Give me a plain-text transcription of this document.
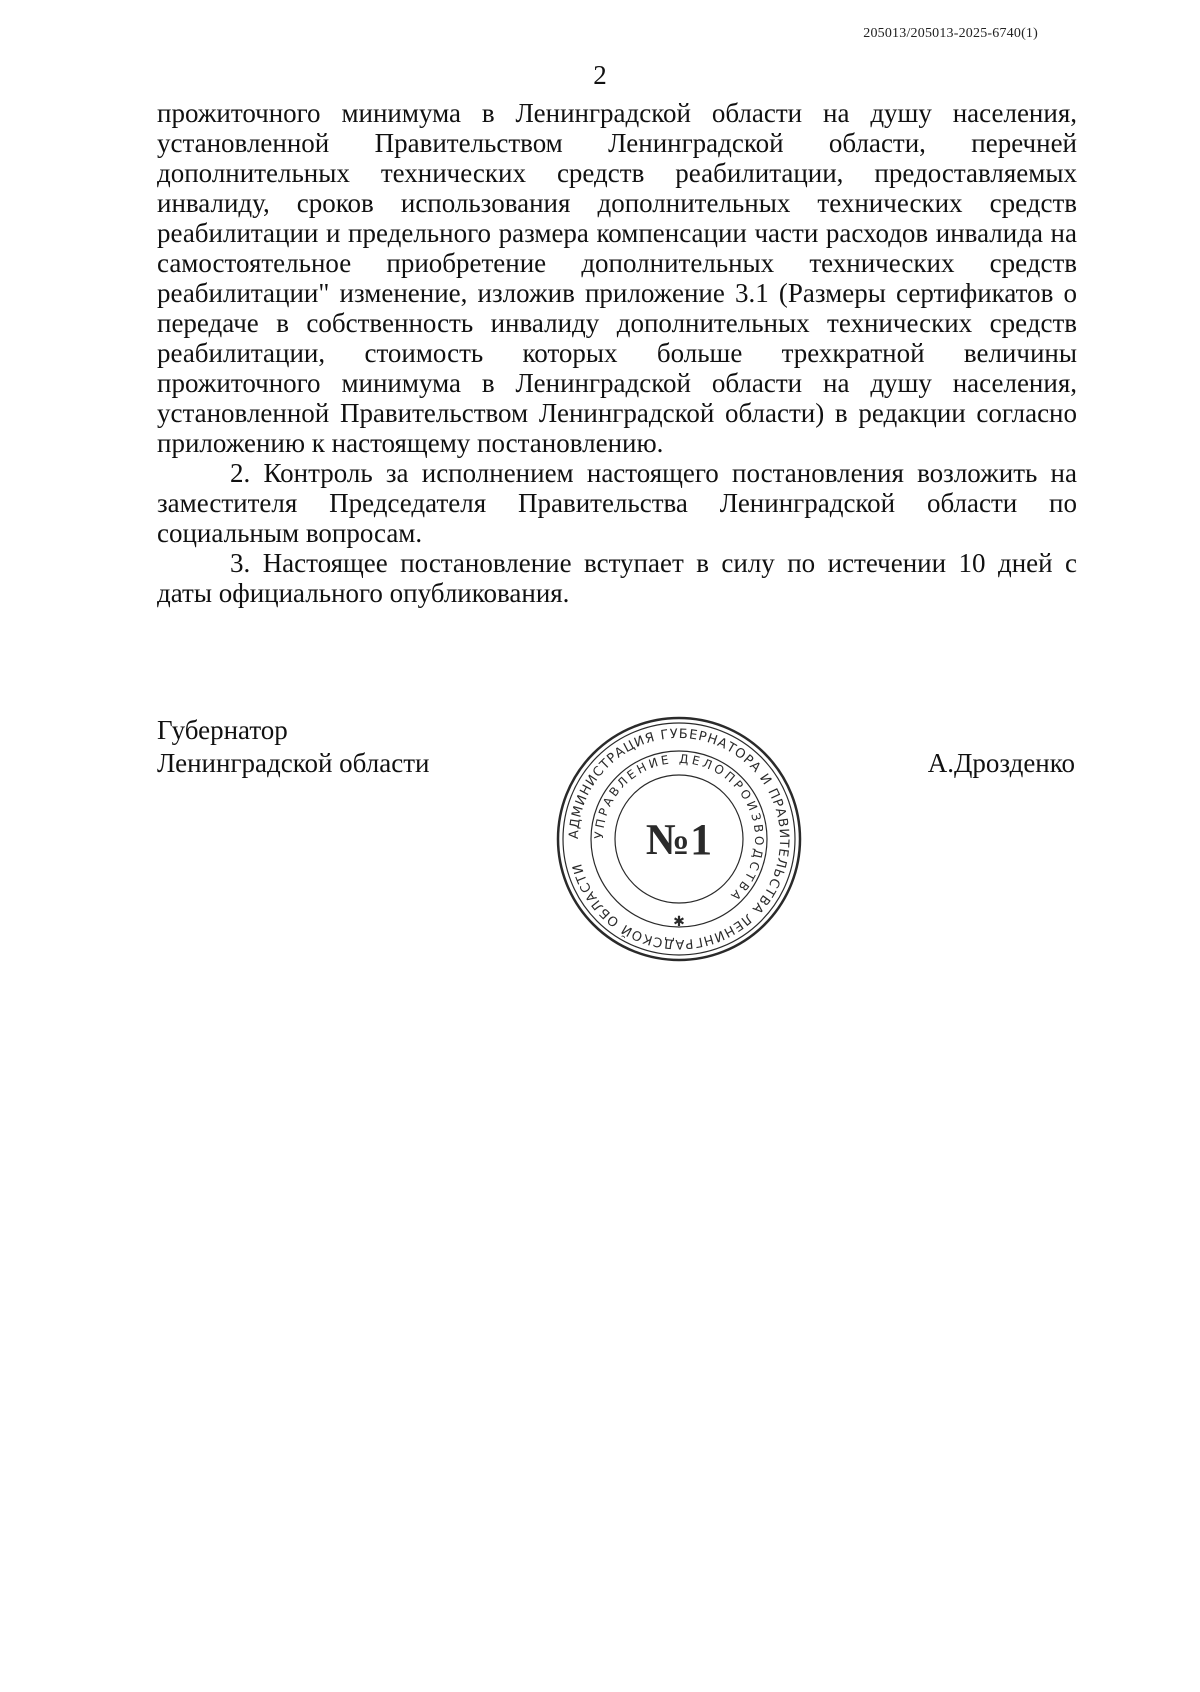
205013/205013-2025-6740(1)
2

прожиточного минимума в Ленинградской области на душу населения, установленной Правительством Ленинградской области, перечней дополнительных технических средств реабилитации, предоставляемых инвалиду, сроков использования дополнительных технических средств реабилитации и предельного размера компенсации части расходов инвалида на самостоятельное приобретение дополнительных технических средств реабилитации" изменение, изложив приложение 3.1 (Размеры сертификатов о передаче в собственность инвалиду дополнительных технических средств реабилитации, стоимость которых больше трехкратной величины прожиточного минимума в Ленинградской области на душу населения, установленной Правительством Ленинградской области) в редакции согласно приложению к настоящему постановлению.

2. Контроль за исполнением настоящего постановления возложить на заместителя Председателя Правительства Ленинградской области по социальным вопросам.

3. Настоящее постановление вступает в силу по истечении 10 дней с даты официального опубликования.

Губернатор
Ленинградской области	А.Дрозденко
АДМИНИСТРАЦИЯ ГУБЕРНАТОРА И ПРАВИТЕЛЬСТВА ЛЕНИНГРАДСКОЙ ОБЛАСТИ
УПРАВЛЕНИЕ ДЕЛОПРОИЗВОДСТВА
№1
✱
